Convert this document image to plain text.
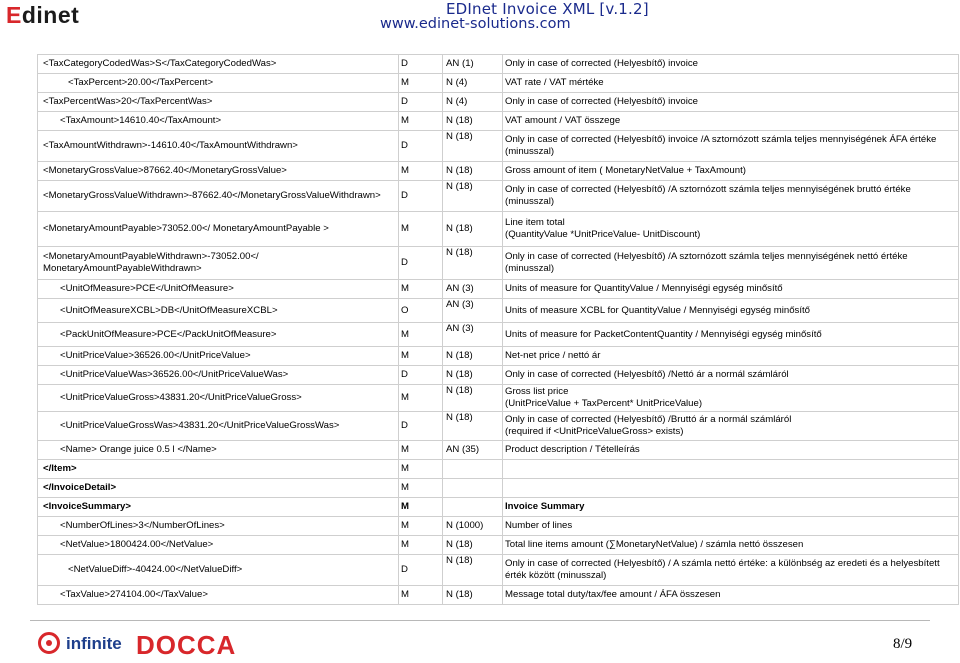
Edinet	EDInet Invoice XML [v.1.2]
www.edinet-solutions.com
<TaxCategoryCodedWas>S</TaxCategoryCodedWas>	D	AN (1)	Only in case of corrected (Helyesbítő) invoice
<TaxPercent>20.00</TaxPercent>	M	N (4)	VAT rate / VAT mértéke
<TaxPercentWas>20</TaxPercentWas>	D	N (4)	Only in case of corrected (Helyesbítő) invoice
<TaxAmount>14610.40</TaxAmount>	M	N (18)	VAT amount / VAT összege
<TaxAmountWithdrawn>-14610.40</TaxAmountWithdrawn>	D	N (18)	Only in case of corrected (Helyesbítő) invoice /A sztornózott számla teljes mennyiségének ÁFA értéke (minusszal)
<MonetaryGrossValue>87662.40</MonetaryGrossValue>	M	N (18)	Gross amount of item ( MonetaryNetValue + TaxAmount)
<MonetaryGrossValueWithdrawn>-87662.40</MonetaryGrossValueWithdrawn>	D	N (18)	Only in case of corrected (Helyesbítő) /A sztornózott számla teljes mennyiségének bruttó értéke (minusszal)
<MonetaryAmountPayable>73052.00</ MonetaryAmountPayable >	M	N (18)	Line item total
(QuantityValue *UnitPriceValue- UnitDiscount)

<MonetaryAmountPayableWithdrawn>-73052.00</ MonetaryAmountPayableWithdrawn>	D	N (18)	Only in case of corrected (Helyesbítő) /A sztornózott számla teljes mennyiségének nettó értéke (minusszal)
<UnitOfMeasure>PCE</UnitOfMeasure>	M	AN (3)	Units of measure for QuantityValue / Mennyiségi egység minősítő
<UnitOfMeasureXCBL>DB</UnitOfMeasureXCBL>	O	AN (3)	Units of measure XCBL for QuantityValue / Mennyiségi egység minősítő
<PackUnitOfMeasure>PCE</PackUnitOfMeasure>	M	AN (3)	Units of measure for PacketContentQuantity / Mennyiségi egység minősítő
<UnitPriceValue>36526.00</UnitPriceValue>	M	N (18)	Net-net price / nettó ár
<UnitPriceValueWas>36526.00</UnitPriceValueWas>	D	N (18)	Only in case of corrected (Helyesbítő) /Nettó ár a normál számláról
<UnitPriceValueGross>43831.20</UnitPriceValueGross>	M	N (18)	Gross list price
(UnitPriceValue + TaxPercent* UnitPriceValue)

<UnitPriceValueGrossWas>43831.20</UnitPriceValueGrossWas>	D	N (18)	Only in case of corrected (Helyesbítő) /Bruttó ár a normál számláról
(required if <UnitPriceValueGross> exists)

<Name> Orange juice 0.5 l </Name>	M	AN (35)	Product description / Tételleírás
</Item>	M		
</InvoiceDetail>	M		
<InvoiceSummary>	M		Invoice Summary
<NumberOfLines>3</NumberOfLines>	M	N (1000)	Number of lines
<NetValue>1800424.00</NetValue>	M	N (18)	Total line items amount (∑MonetaryNetValue) / számla nettó összesen
<NetValueDiff>-40424.00</NetValueDiff>	D	N (18)	Only in case of corrected (Helyesbítő) / A számla nettó értéke: a különbség az eredeti és a helyesbített érték között (minusszal)
<TaxValue>274104.00</TaxValue>	M	N (18)	Message total duty/tax/fee amount / ÁFA összesen
infinite DOCCA	8/9
